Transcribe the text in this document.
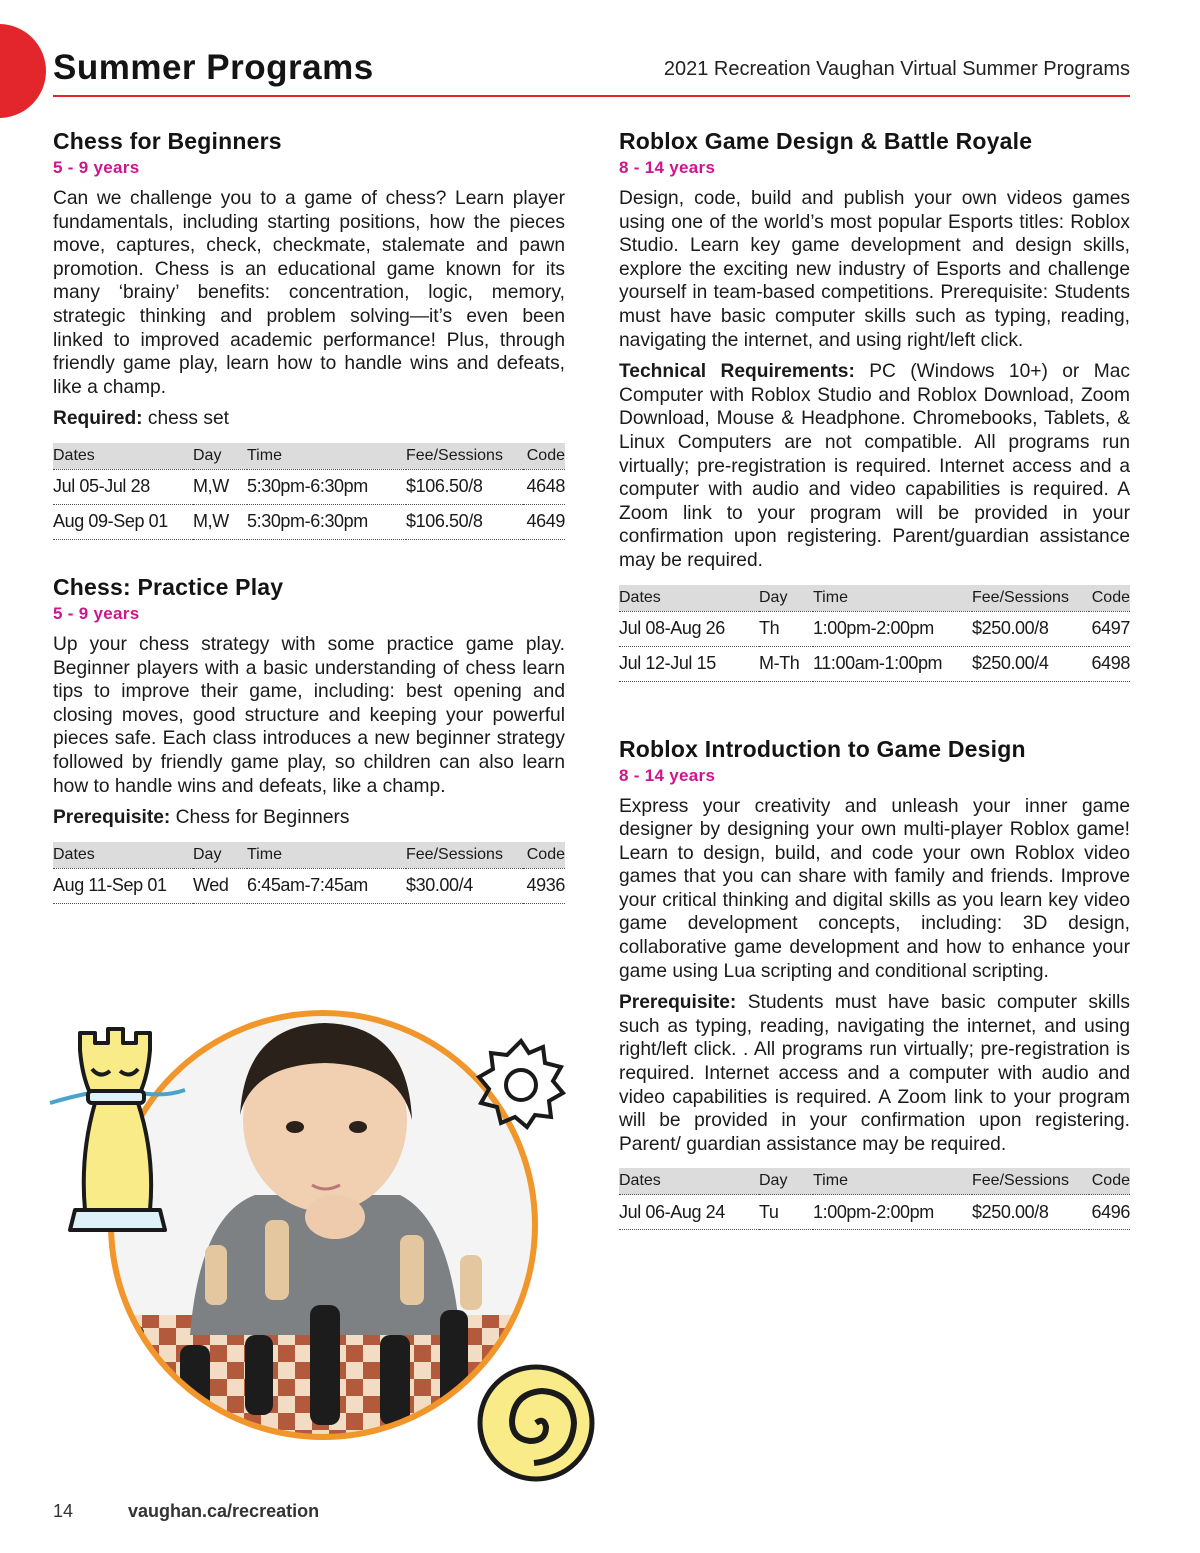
Summer Programs	2021 Recreation Vaughan Virtual Summer Programs
Chess for Beginners
5 - 9 years

Can we challenge you to a game of chess? Learn player fundamentals, including starting positions, how the pieces move, captures, check, checkmate, stalemate and pawn promotion. Chess is an educational game known for its many ‘brainy’ benefits: concentration, logic, memory, strategic thinking and problem solving—it’s even been linked to improved academic performance! Plus, through friendly game play, learn how to handle wins and defeats, like a champ.

Required: chess set

Dates	Day	Time	Fee/Sessions	Code
Jul 05-Jul 28	M,W	5:30pm-6:30pm	$106.50/8	4648
Aug 09-Sep 01	M,W	5:30pm-6:30pm	$106.50/8	4649
Chess: Practice Play
5 - 9 years

Up your chess strategy with some practice game play. Beginner players with a basic understanding of chess learn tips to improve their game, including: best opening and closing moves, good structure and keeping your powerful pieces safe. Each class introduces a new beginner strategy followed by friendly game play, so children can also learn how to handle wins and defeats, like a champ.

Prerequisite: Chess for Beginners

Dates	Day	Time	Fee/Sessions	Code
Aug 11-Sep 01	Wed	6:45am-7:45am	$30.00/4	4936
Roblox Game Design & Battle Royale
8 - 14 years

Design, code, build and publish your own videos games using one of the world’s most popular Esports titles: Roblox Studio. Learn key game development and design skills, explore the exciting new industry of Esports and challenge yourself in team-based competitions. Prerequisite: Students must have basic computer skills such as typing, reading, navigating the internet, and using right/left click.

Technical Requirements: PC (Windows 10+) or Mac Computer with Roblox Studio and Roblox Download, Zoom Download, Mouse & Headphone. Chromebooks, Tablets, & Linux Computers are not compatible. All programs run virtually; pre-registration is required. Internet access and a computer with audio and video capabilities is required. A Zoom link to your program will be provided in your confirmation upon registering. Parent/guardian assistance may be required.

Dates	Day	Time	Fee/Sessions	Code
Jul 08-Aug 26	Th	1:00pm-2:00pm	$250.00/8	6497
Jul 12-Jul 15	M-Th	11:00am-1:00pm	$250.00/4	6498
Roblox Introduction to Game Design
8 - 14 years

Express your creativity and unleash your inner game designer by designing your own multi-player Roblox game! Learn to design, build, and code your own Roblox video games that you can share with family and friends. Improve your critical thinking and digital skills as you learn key video game development concepts, including: 3D design, collaborative game development and how to enhance your game using Lua scripting and conditional scripting.

Prerequisite: Students must have basic computer skills such as typing, reading, navigating the internet, and using right/left click. . All programs run virtually; pre-registration is required. Internet access and a computer with audio and video capabilities is required. A Zoom link to your program will be provided in your confirmation upon registering. Parent/ guardian assistance may be required.

Dates	Day	Time	Fee/Sessions	Code
Jul 06-Aug 24	Tu	1:00pm-2:00pm	$250.00/8	6496
14	vaughan.ca/recreation
